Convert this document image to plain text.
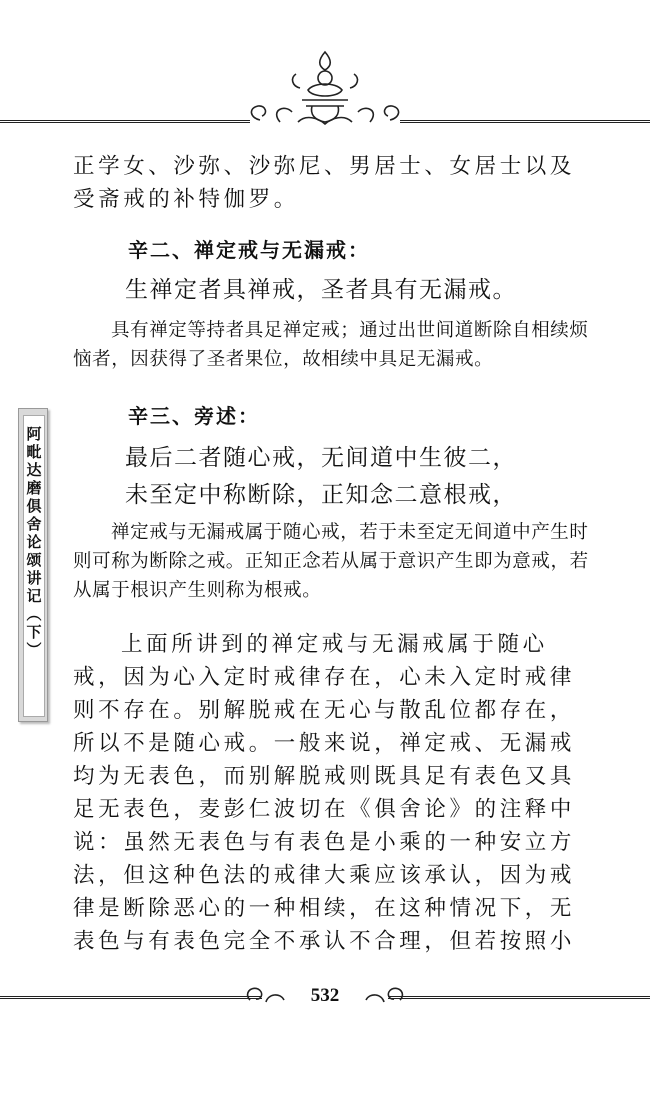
正学女、沙弥、沙弥尼、男居士、女居士以及受斋戒的补特伽罗。

辛二、禅定戒与无漏戒：

生禅定者具禅戒，圣者具有无漏戒。

具有禅定等持者具足禅定戒；通过出世间道断除自相续烦恼者，因获得了圣者果位，故相续中具足无漏戒。

辛三、旁述：

最后二者随心戒，无间道中生彼二，

未至定中称断除，正知念二意根戒，

禅定戒与无漏戒属于随心戒，若于未至定无间道中产生时则可称为断除之戒。正知正念若从属于意识产生即为意戒，若从属于根识产生则称为根戒。

上面所讲到的禅定戒与无漏戒属于随心戒，因为心入定时戒律存在，心未入定时戒律则不存在。别解脱戒在无心与散乱位都存在，所以不是随心戒。一般来说，禅定戒、无漏戒均为无表色，而别解脱戒则既具足有表色又具足无表色，麦彭仁波切在《俱舍论》的注释中说：虽然无表色与有表色是小乘的一种安立方法，但这种色法的戒律大乘应该承认，因为戒律是断除恶心的一种相续，在这种情况下，无表色与有表色完全不承认不合理，但若按照小

阿毗达磨俱舍论颂讲记（下）
532
